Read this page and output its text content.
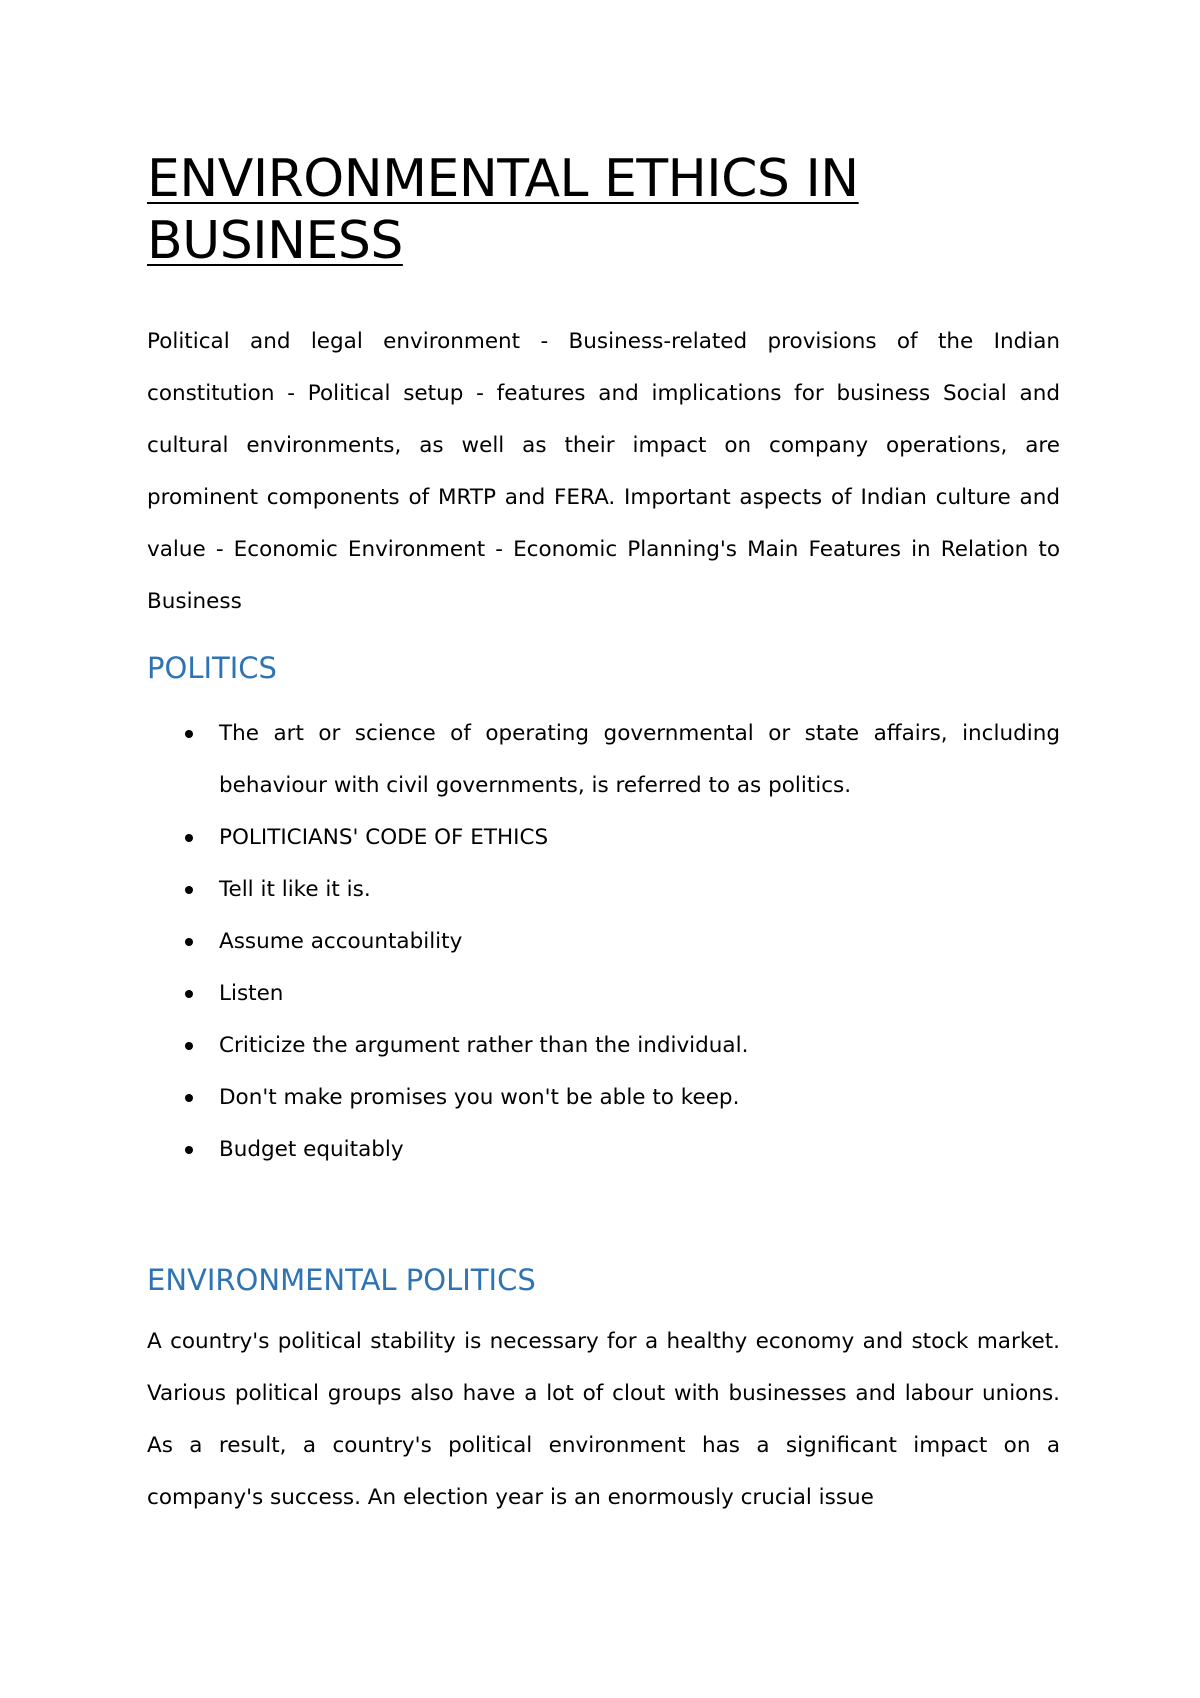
ENVIRONMENTAL ETHICS IN BUSINESS

Political and legal environment - Business-related provisions of the Indian constitution - Political setup - features and implications for business Social and cultural environments, as well as their impact on company operations, are prominent components of MRTP and FERA. Important aspects of Indian culture and value - Economic Environment - Economic Planning's Main Features in Relation to Business

POLITICS
The art or science of operating governmental or state affairs, including behaviour with civil governments, is referred to as politics.
POLITICIANS' CODE OF ETHICS
Tell it like it is.
Assume accountability
Listen
Criticize the argument rather than the individual.
Don't make promises you won't be able to keep.
Budget equitably
ENVIRONMENTAL POLITICS

A country's political stability is necessary for a healthy economy and stock market. Various political groups also have a lot of clout with businesses and labour unions. As a result, a country's political environment has a significant impact on a company's success. An election year is an enormously crucial issue
